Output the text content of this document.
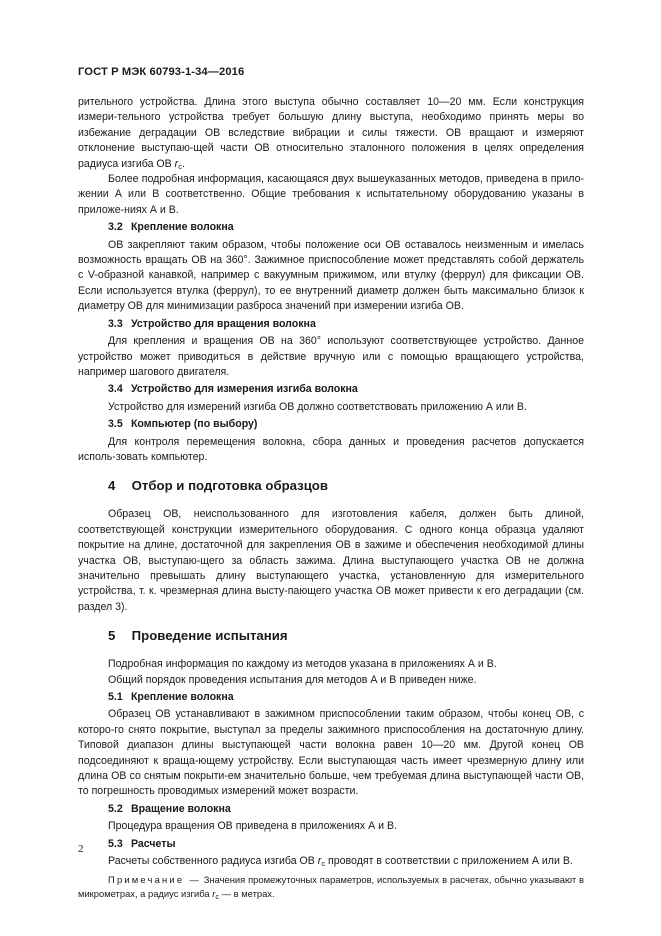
ГОСТ Р МЭК 60793-1-34—2016

рительного устройства. Длина этого выступа обычно составляет 10—20 мм. Если конструкция измери-тельного устройства требует большую длину выступа, необходимо принять меры во избежание деградации ОВ вследствие вибрации и силы тяжести. ОВ вращают и измеряют отклонение выступаю-щей части ОВ относительно эталонного положения в целях определения радиуса изгиба ОВ $r_c$.

Более подробная информация, касающаяся двух вышеуказанных методов, приведена в прило-жении А или В соответственно. Общие требования к испытательному оборудованию указаны в приложе-ниях А и В.

3.2 Крепление волокна

ОВ закрепляют таким образом, чтобы положение оси ОВ оставалось неизменным и имелась возможность вращать ОВ на 360°. Зажимное приспособление может представлять собой держатель с V-образной канавкой, например с вакуумным прижимом, или втулку (феррул) для фиксации ОВ. Если используется втулка (феррул), то ее внутренний диаметр должен быть максимально близок к диаметру ОВ для минимизации разброса значений при измерении изгиба ОВ.

3.3 Устройство для вращения волокна

Для крепления и вращения ОВ на 360° используют соответствующее устройство. Данное устройство может приводиться в действие вручную или с помощью вращающего устройства, например шагового двигателя.

3.4 Устройство для измерения изгиба волокна

Устройство для измерений изгиба ОВ должно соответствовать приложению А или В.

3.5 Компьютер (по выбору)

Для контроля перемещения волокна, сбора данных и проведения расчетов допускается исполь-зовать компьютер.

4 Отбор и подготовка образцов

Образец ОВ, неиспользованного для изготовления кабеля, должен быть длиной, соответствующей конструкции измерительного оборудования. С одного конца образца удаляют покрытие на длине, достаточной для закрепления ОВ в зажиме и обеспечения необходимой длины участка ОВ, выступаю-щего за область зажима. Длина выступающего участка ОВ не должна значительно превышать длину выступающего участка, установленную для измерительного устройства, т. к. чрезмерная длина высту-пающего участка ОВ может привести к его деградации (см. раздел 3).

5 Проведение испытания

Подробная информация по каждому из методов указана в приложениях А и В.

Общий порядок проведения испытания для методов А и В приведен ниже.

5.1 Крепление волокна

Образец ОВ устанавливают в зажимном приспособлении таким образом, чтобы конец ОВ, с которо-го снято покрытие, выступал за пределы зажимного приспособления на достаточную длину. Типовой диапазон длины выступающей части волокна равен 10—20 мм. Другой конец ОВ подсоединяют к враща-ющему устройству. Если выступающая часть имеет чрезмерную длину или длина ОВ со снятым покрыти-ем значительно больше, чем требуемая длина выступающей части ОВ, то погрешность проводимых измерений может возрасти.

5.2 Вращение волокна

Процедура вращения ОВ приведена в приложениях А и В.

5.3 Расчеты

Расчеты собственного радиуса изгиба ОВ $r_c$ проводят в соответствии с приложением А или В.

Примечание — Значения промежуточных параметров, используемых в расчетах, обычно указывают в микрометрах, а радиус изгиба $r_c$ — в метрах.

2
